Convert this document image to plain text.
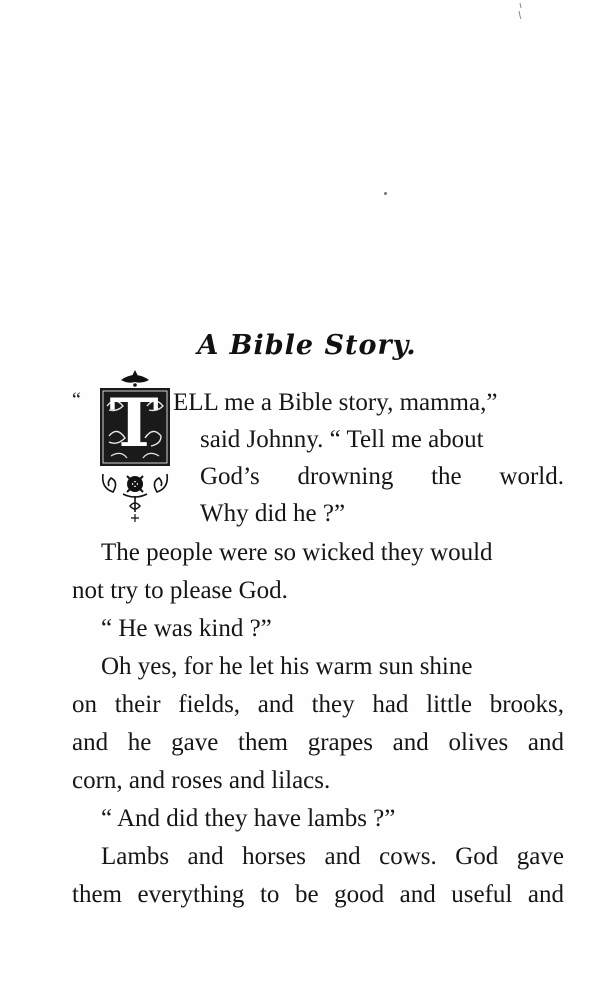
A Bible Story.
“ T ELL me a Bible story, mamma,”
said Johnny. “ Tell me about
God’s drowning the world.
Why did he ?”
The people were so wicked they would
not try to please God.
“ He was kind ?”
Oh yes, for he let his warm sun shine
on their fields, and they had little brooks,
and he gave them grapes and olives and
corn, and roses and lilacs.
“ And did they have lambs ?”
Lambs and horses and cows. God gave
them everything to be good and useful and
